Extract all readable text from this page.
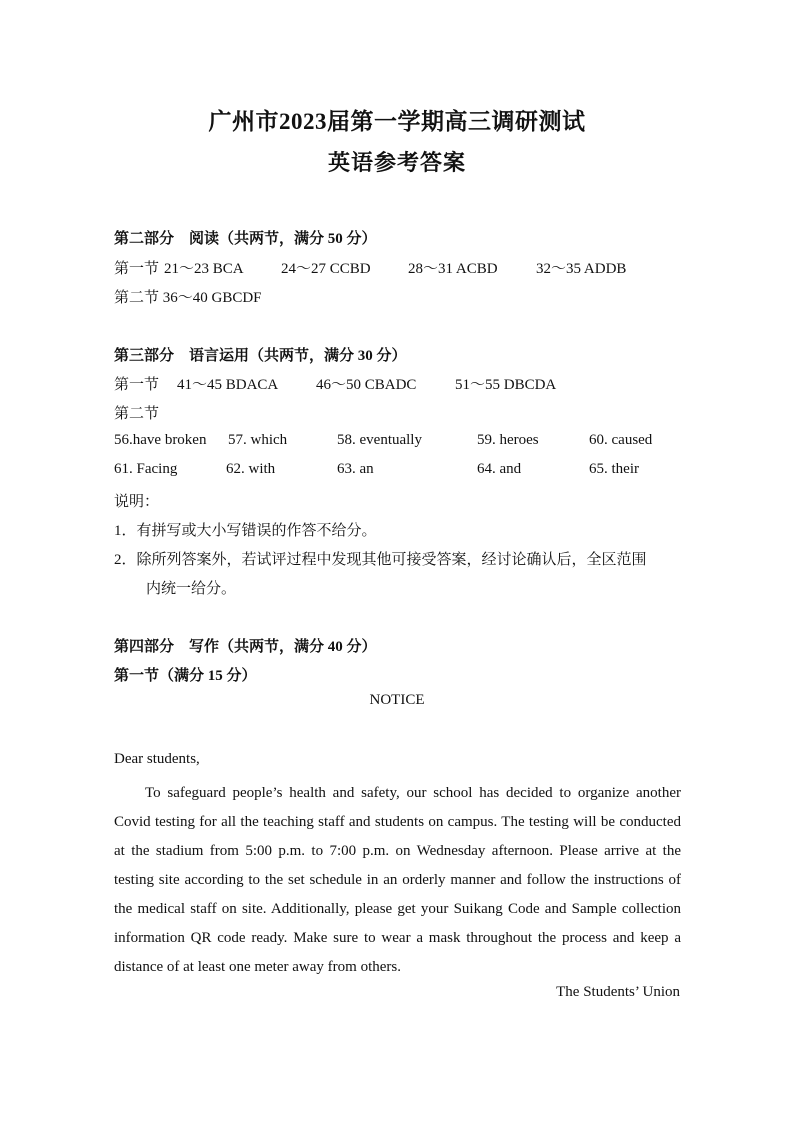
广州市2023届第一学期高三调研测试
英语参考答案
第二部分　阅读（共两节，满分 50 分）
第一节 21～23 BCA 24～27 CCBD 28～31 ACBD	32～35 ADDB
第二节 36～40 GBCDF
第三部分　语言运用（共两节，满分 30 分）
第一节 41～45 BDACA	46～50 CBADC	51～55 DBCDA
第二节
56.have broken 57. which	58. eventually	59. heroes	60. caused
61. Facing	62. with	63. an	64. and	65. their
说明：
1．有拼写或大小写错误的作答不给分。
2．除所列答案外，若试评过程中发现其他可接受答案，经讨论确认后，全区范围
内统一给分。
第四部分　写作（共两节，满分 40 分）
第一节（满分 15 分）
NOTICE
Dear students,
To safeguard people’s health and safety, our school has decided to organize another Covid testing for all the teaching staff and students on campus. The testing will be conducted at the stadium from 5:00 p.m. to 7:00 p.m. on Wednesday afternoon. Please arrive at the testing site according to the set schedule in an orderly manner and follow the instructions of the medical staff on site. Additionally, please get your Suikang Code and Sample collection information QR code ready. Make sure to wear a mask throughout the process and keep a distance of at least one meter away from others.
The Students’ Union
